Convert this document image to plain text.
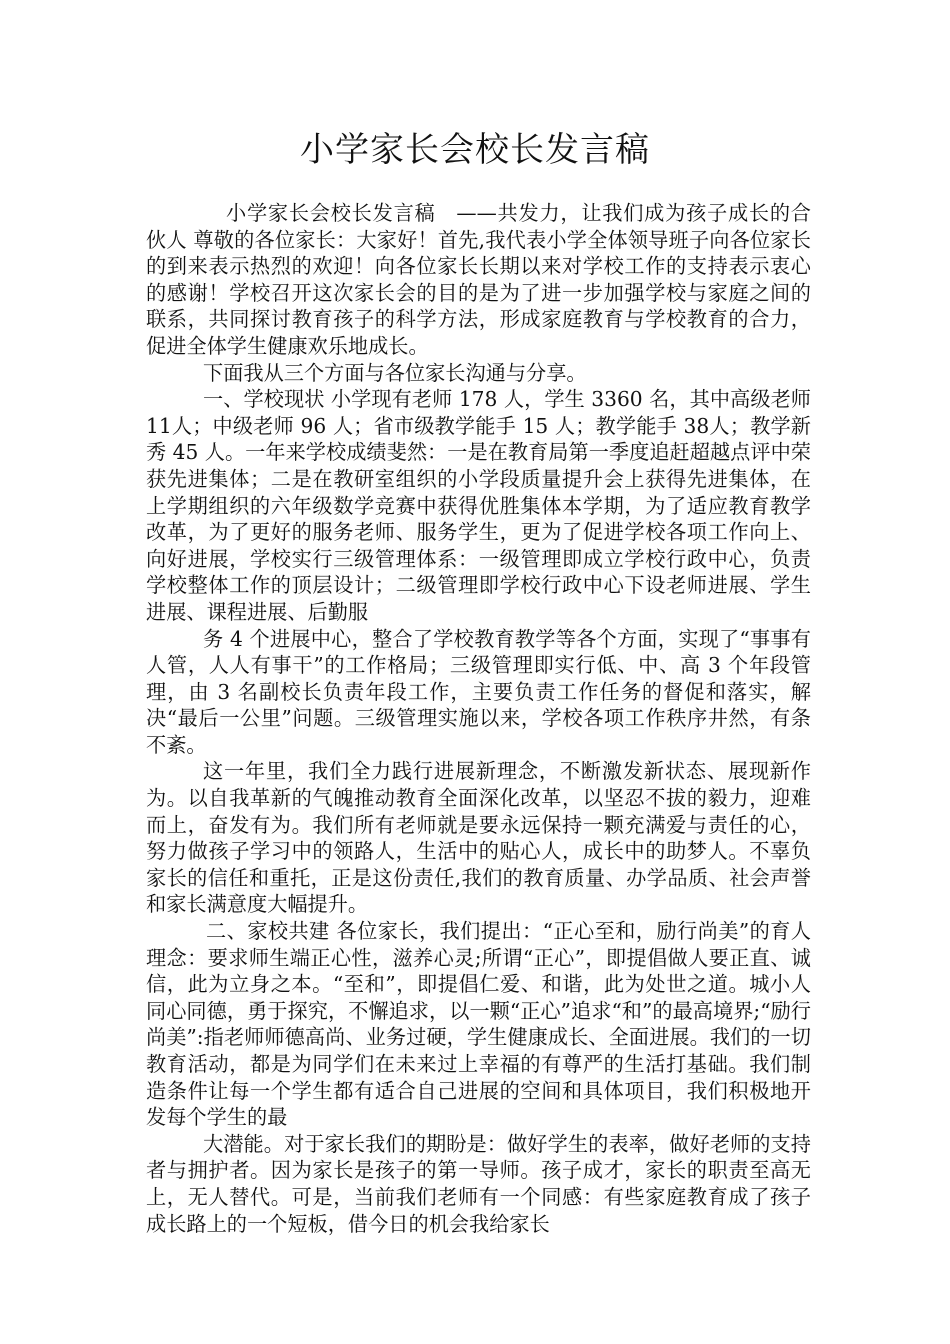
小学家长会校长发言稿

小学家长会校长发言稿　——共发力，让我们成为孩子成长的合伙人 尊敬的各位家长：大家好！首先,我代表小学全体领导班子向各位家长的到来表示热烈的欢迎！向各位家长长期以来对学校工作的支持表示衷心的感谢！学校召开这次家长会的目的是为了进一步加强学校与家庭之间的联系，共同探讨教育孩子的科学方法，形成家庭教育与学校教育的合力，促进全体学生健康欢乐地成长。

下面我从三个方面与各位家长沟通与分享。

一、学校现状 小学现有老师 178 人，学生 3360 名，其中高级老师 11人；中级老师 96 人；省市级教学能手 15 人；教学能手 38人；教学新秀 45 人。一年来学校成绩斐然：一是在教育局第一季度追赶超越点评中荣获先进集体；二是在教研室组织的小学段质量提升会上获得先进集体，在上学期组织的六年级数学竞赛中获得优胜集体本学期，为了适应教育教学改革，为了更好的服务老师、服务学生，更为了促进学校各项工作向上、向好进展，学校实行三级管理体系：一级管理即成立学校行政中心，负责学校整体工作的顶层设计；二级管理即学校行政中心下设老师进展、学生进展、课程进展、后勤服

务 4 个进展中心，整合了学校教育教学等各个方面，实现了“事事有人管，人人有事干”的工作格局；三级管理即实行低、中、高 3 个年段管理，由 3 名副校长负责年段工作，主要负责工作任务的督促和落实，解决“最后一公里”问题。三级管理实施以来，学校各项工作秩序井然，有条不紊。

这一年里，我们全力践行进展新理念，不断激发新状态、展现新作为。以自我革新的气魄推动教育全面深化改革，以坚忍不拔的毅力，迎难而上，奋发有为。我们所有老师就是要永远保持一颗充满爱与责任的心，努力做孩子学习中的领路人，生活中的贴心人，成长中的助梦人。不辜负家长的信任和重托，正是这份责任,我们的教育质量、办学品质、社会声誉和家长满意度大幅提升。

二、家校共建 各位家长，我们提出：“正心至和，励行尚美”的育人理念：要求师生端正心性，滋养心灵;所谓“正心”，即提倡做人要正直、诚信，此为立身之本。“至和”，即提倡仁爱、和谐，此为处世之道。城小人同心同德，勇于探究，不懈追求，以一颗“正心”追求“和”的最高境界;“励行尚美”:指老师师德高尚、业务过硬，学生健康成长、全面进展。我们的一切教育活动，都是为同学们在未来过上幸福的有尊严的生活打基础。我们制造条件让每一个学生都有适合自己进展的空间和具体项目，我们积极地开发每个学生的最

大潜能。对于家长我们的期盼是：做好学生的表率，做好老师的支持者与拥护者。因为家长是孩子的第一导师。孩子成才，家长的职责至高无上，无人替代。可是，当前我们老师有一个同感：有些家庭教育成了孩子成长路上的一个短板，借今日的机会我给家长
